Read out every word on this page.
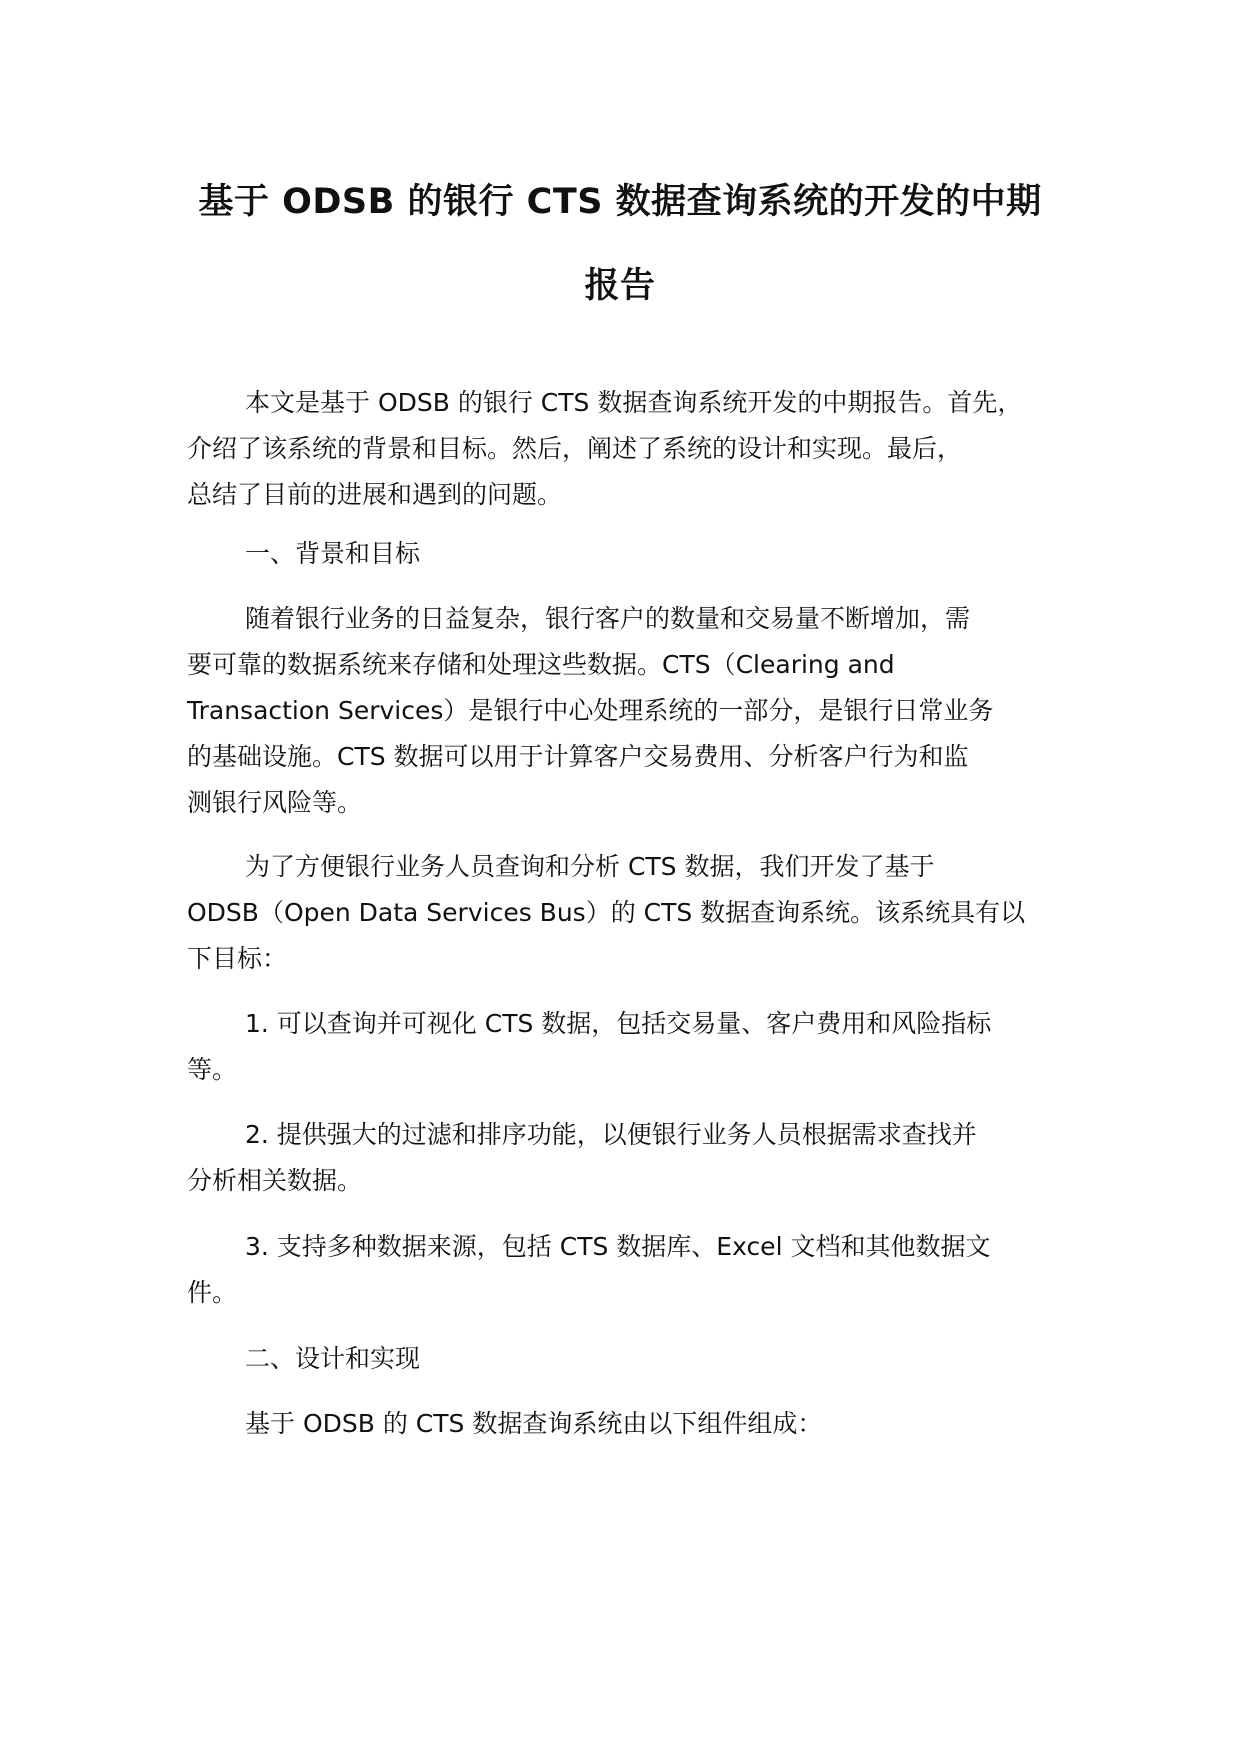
基于 ODSB 的银行 CTS 数据查询系统的开发的中期
报告

本文是基于 ODSB 的银行 CTS 数据查询系统开发的中期报告。首先，
介绍了该系统的背景和目标。然后，阐述了系统的设计和实现。最后，
总结了目前的进展和遇到的问题。

一、背景和目标

随着银行业务的日益复杂，银行客户的数量和交易量不断增加，需
要可靠的数据系统来存储和处理这些数据。CTS（Clearing and
Transaction Services）是银行中心处理系统的一部分，是银行日常业务
的基础设施。CTS 数据可以用于计算客户交易费用、分析客户行为和监
测银行风险等。

为了方便银行业务人员查询和分析 CTS 数据，我们开发了基于
ODSB（Open Data Services Bus）的 CTS 数据查询系统。该系统具有以
下目标：

1. 可以查询并可视化 CTS 数据，包括交易量、客户费用和风险指标
等。

2. 提供强大的过滤和排序功能，以便银行业务人员根据需求查找并
分析相关数据。

3. 支持多种数据来源，包括 CTS 数据库、Excel 文档和其他数据文
件。

二、设计和实现

基于 ODSB 的 CTS 数据查询系统由以下组件组成：
